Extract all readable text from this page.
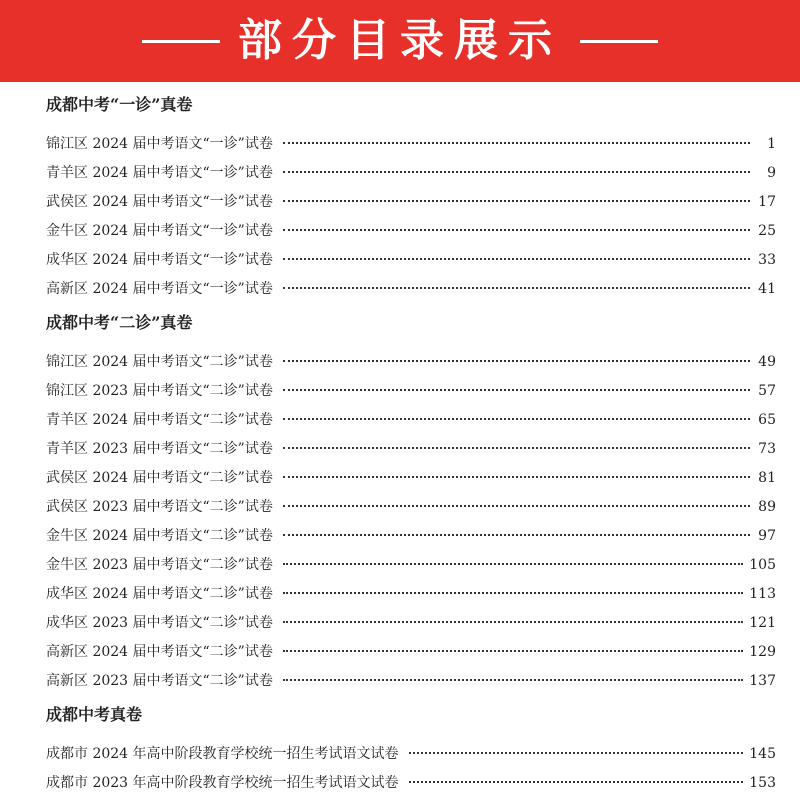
部分目录展示
成都中考“一诊”真卷
锦江区 2024 届中考语文“一诊”试卷	1
青羊区 2024 届中考语文“一诊”试卷	9
武侯区 2024 届中考语文“一诊”试卷	17
金牛区 2024 届中考语文“一诊”试卷	25
成华区 2024 届中考语文“一诊”试卷	33
高新区 2024 届中考语文“一诊”试卷	41
成都中考“二诊”真卷
锦江区 2024 届中考语文“二诊”试卷	49
锦江区 2023 届中考语文“二诊”试卷	57
青羊区 2024 届中考语文“二诊”试卷	65
青羊区 2023 届中考语文“二诊”试卷	73
武侯区 2024 届中考语文“二诊”试卷	81
武侯区 2023 届中考语文“二诊”试卷	89
金牛区 2024 届中考语文“二诊”试卷	97
金牛区 2023 届中考语文“二诊”试卷	105
成华区 2024 届中考语文“二诊”试卷	113
成华区 2023 届中考语文“二诊”试卷	121
高新区 2024 届中考语文“二诊”试卷	129
高新区 2023 届中考语文“二诊”试卷	137
成都中考真卷
成都市 2024 年高中阶段教育学校统一招生考试语文试卷	145
成都市 2023 年高中阶段教育学校统一招生考试语文试卷	153
